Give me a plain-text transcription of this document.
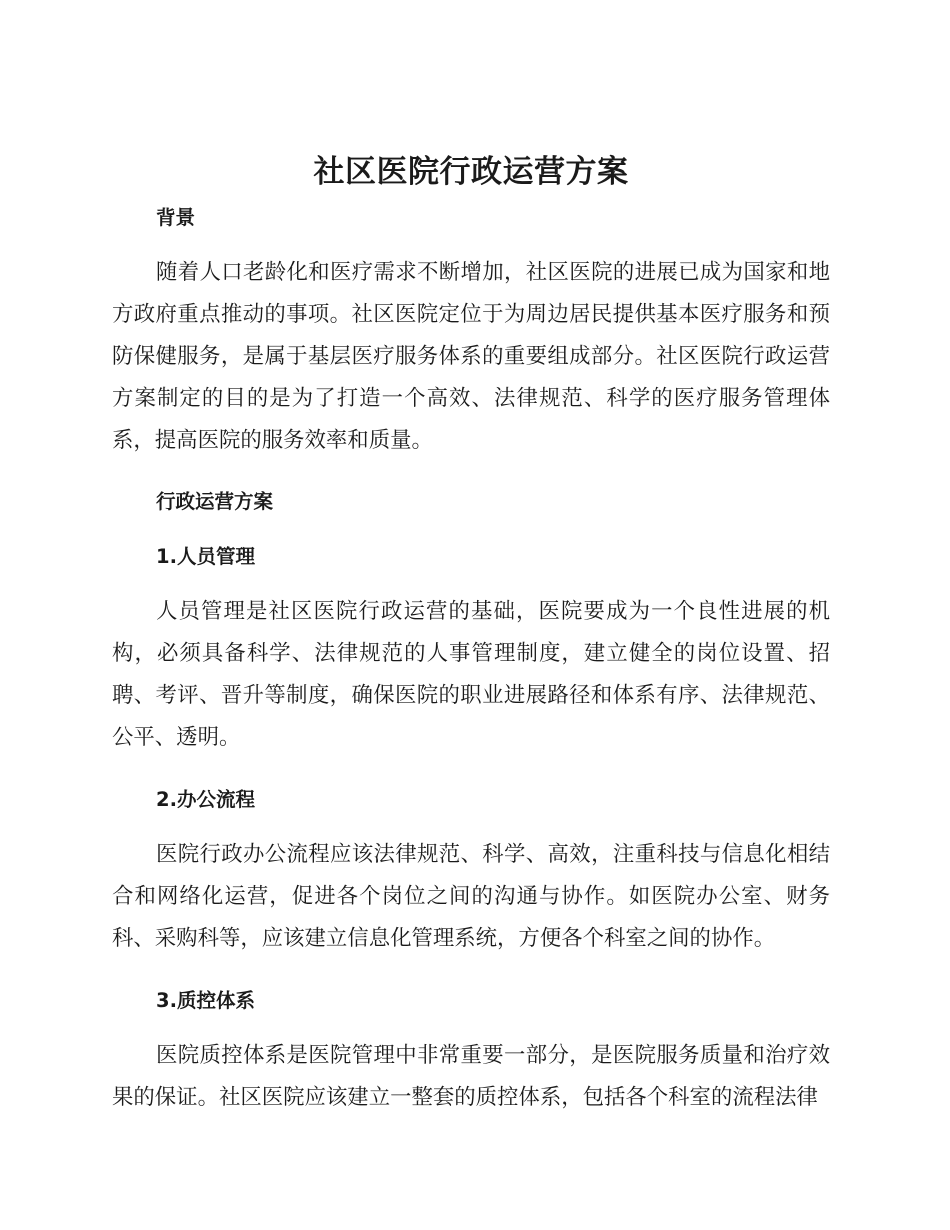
社区医院行政运营方案
背景

随着人口老龄化和医疗需求不断增加，社区医院的进展已成为国家和地方政府重点推动的事项。社区医院定位于为周边居民提供基本医疗服务和预防保健服务，是属于基层医疗服务体系的重要组成部分。社区医院行政运营方案制定的目的是为了打造一个高效、法律规范、科学的医疗服务管理体系，提高医院的服务效率和质量。

行政运营方案
1.人员管理

人员管理是社区医院行政运营的基础，医院要成为一个良性进展的机构，必须具备科学、法律规范的人事管理制度，建立健全的岗位设置、招聘、考评、晋升等制度，确保医院的职业进展路径和体系有序、法律规范、公平、透明。

2.办公流程

医院行政办公流程应该法律规范、科学、高效，注重科技与信息化相结合和网络化运营，促进各个岗位之间的沟通与协作。如医院办公室、财务科、采购科等，应该建立信息化管理系统，方便各个科室之间的协作。

3.质控体系

医院质控体系是医院管理中非常重要一部分，是医院服务质量和治疗效果的保证。社区医院应该建立一整套的质控体系，包括各个科室的流程法律
